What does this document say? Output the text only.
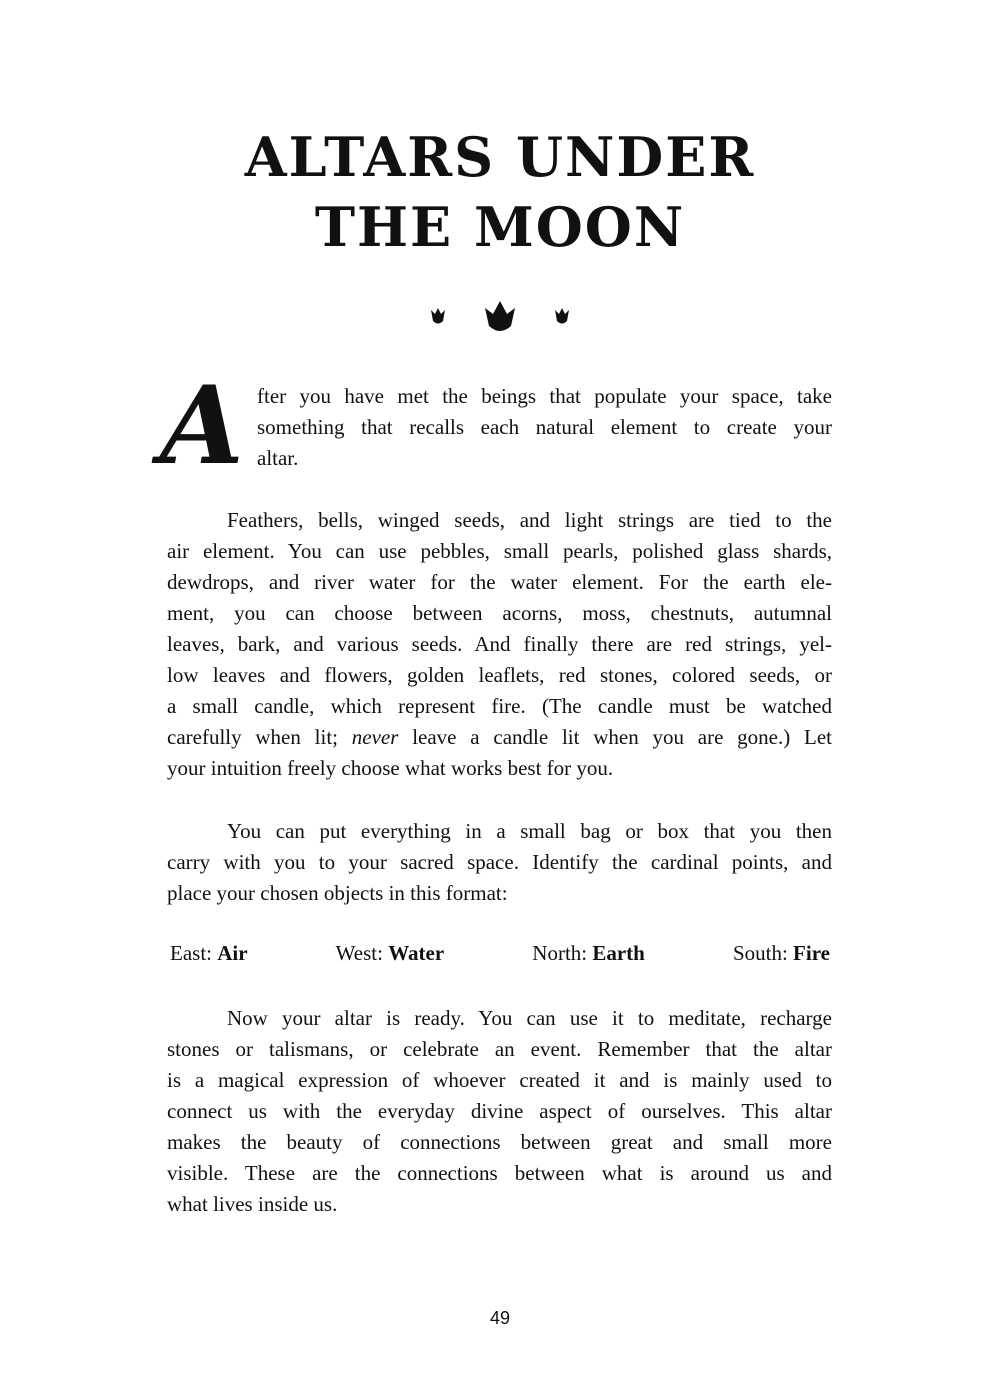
ALTARS UNDER
THE MOON
A fter you have met the beings that populate your space, take
something that recalls each natural element to create your
altar.
Feathers, bells, winged seeds, and light strings are tied to the
air element. You can use pebbles, small pearls, polished glass shards,
dewdrops, and river water for the water element. For the earth ele-
ment, you can choose between acorns, moss, chestnuts, autumnal
leaves, bark, and various seeds. And finally there are red strings, yel-
low leaves and flowers, golden leaflets, red stones, colored seeds, or
a small candle, which represent fire. (The candle must be watched
carefully when lit; never leave a candle lit when you are gone.) Let
your intuition freely choose what works best for you.
You can put everything in a small bag or box that you then
carry with you to your sacred space. Identify the cardinal points, and
place your chosen objects in this format:
East: Air	West: Water	North: Earth	South: Fire
Now your altar is ready. You can use it to meditate, recharge
stones or talismans, or celebrate an event. Remember that the altar
is a magical expression of whoever created it and is mainly used to
connect us with the everyday divine aspect of ourselves. This altar
makes the beauty of connections between great and small more
visible. These are the connections between what is around us and
what lives inside us.
49
